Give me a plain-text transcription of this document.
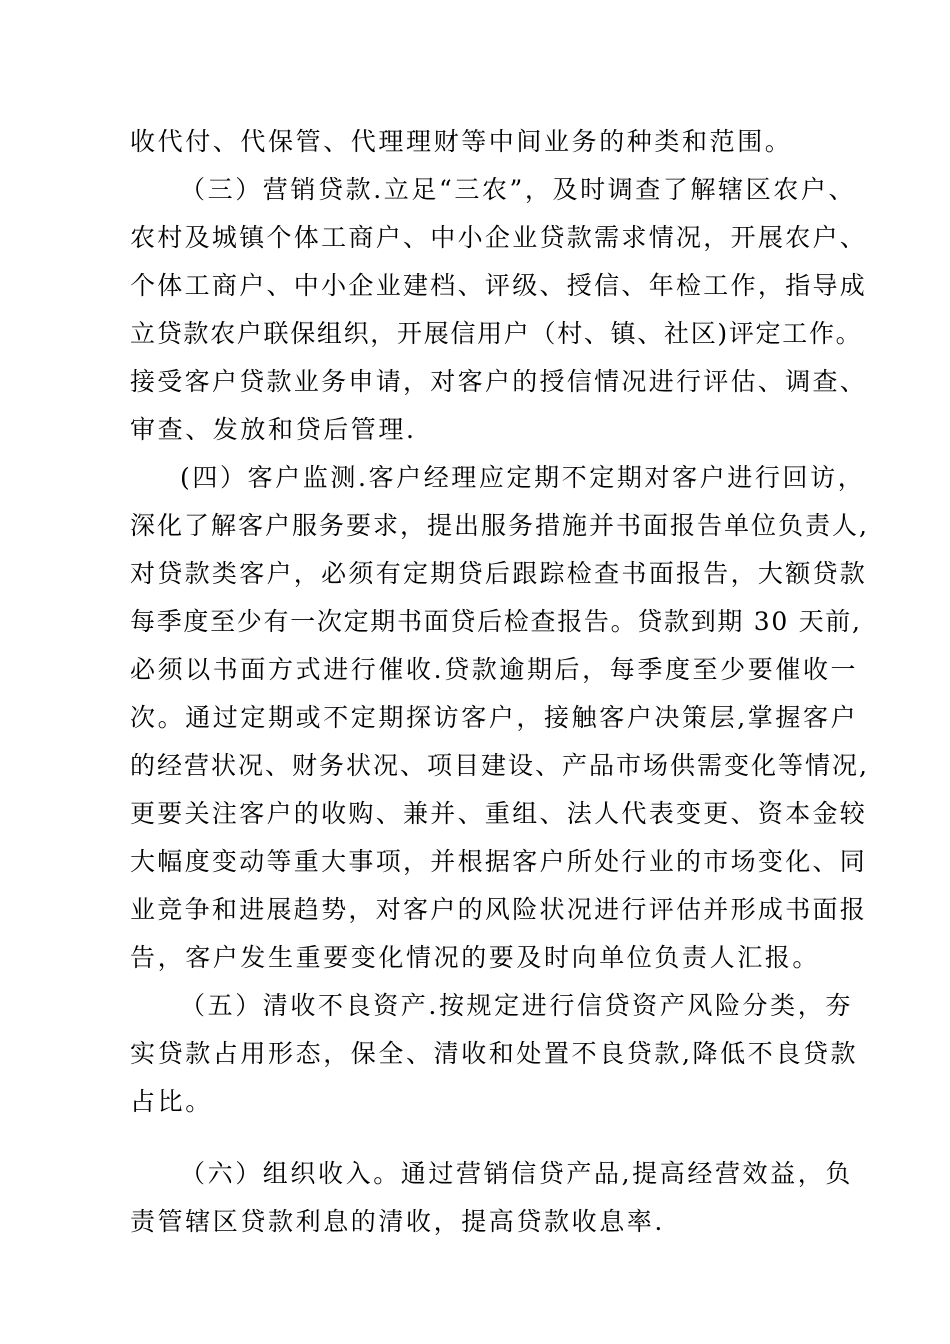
收代付、代保管、代理理财等中间业务的种类和范围。
（三）营销贷款.立足“三农”，及时调查了解辖区农户、
农村及城镇个体工商户、中小企业贷款需求情况，开展农户、
个体工商户、中小企业建档、评级、授信、年检工作，指导成
立贷款农户联保组织，开展信用户（村、镇、社区)评定工作。
接受客户贷款业务申请，对客户的授信情况进行评估、调查、
审查、发放和贷后管理.
(四）客户监测.客户经理应定期不定期对客户进行回访，
深化了解客户服务要求，提出服务措施并书面报告单位负责人,
对贷款类客户，必须有定期贷后跟踪检查书面报告，大额贷款
每季度至少有一次定期书面贷后检查报告。贷款到期 30 天前,
必须以书面方式进行催收.贷款逾期后，每季度至少要催收一
次。通过定期或不定期探访客户，接触客户决策层,掌握客户
的经营状况、财务状况、项目建设、产品市场供需变化等情况,
更要关注客户的收购、兼并、重组、法人代表变更、资本金较
大幅度变动等重大事项，并根据客户所处行业的市场变化、同
业竞争和进展趋势，对客户的风险状况进行评估并形成书面报
告，客户发生重要变化情况的要及时向单位负责人汇报。
（五）清收不良资产.按规定进行信贷资产风险分类，夯
实贷款占用形态，保全、清收和处置不良贷款,降低不良贷款
占比。
（六）组织收入。通过营销信贷产品,提高经营效益，负
责管辖区贷款利息的清收，提高贷款收息率.
